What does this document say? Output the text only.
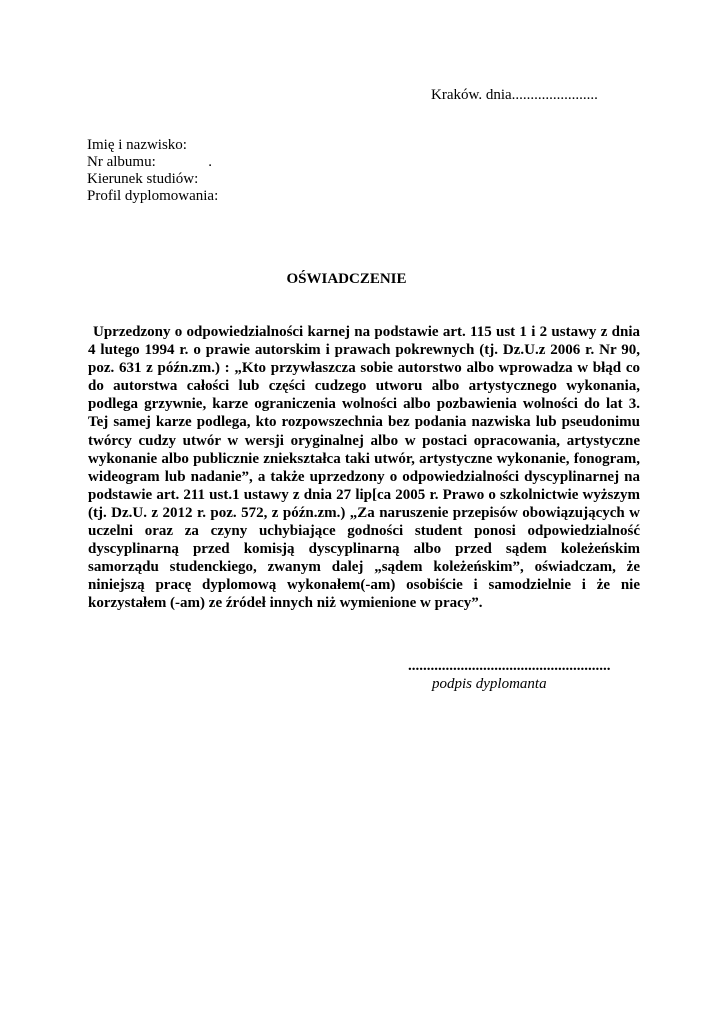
Kraków. dnia.......................
Imię i nazwisko:
Nr albumu:              .
Kierunek studiów:
Profil dyplomowania:
OŚWIADCZENIE

Uprzedzony o odpowiedzialności karnej na podstawie art. 115 ust 1 i 2 ustawy z dnia 4 lutego 1994 r. o prawie autorskim i prawach pokrewnych (tj. Dz.U.z 2006 r. Nr 90, poz. 631 z późn.zm.) : „Kto przywłaszcza sobie autorstwo albo wprowadza w błąd co do autorstwa całości lub części cudzego utworu albo artystycznego wykonania, podlega grzywnie, karze ograniczenia wolności albo pozbawienia wolności do lat 3. Tej samej karze podlega, kto rozpowszechnia bez podania nazwiska lub pseudonimu twórcy cudzy utwór w wersji oryginalnej albo w postaci opracowania, artystyczne wykonanie albo publicznie zniekształca taki utwór, artystyczne wykonanie, fonogram, wideogram lub nadanie”, a także uprzedzony o odpowiedzialności dyscyplinarnej na podstawie art. 211 ust.1 ustawy z dnia 27 lip[ca 2005 r. Prawo o szkolnictwie wyższym (tj. Dz.U. z 2012 r. poz. 572, z późn.zm.) „Za naruszenie przepisów obowiązujących w uczelni oraz za czyny uchybiające godności student ponosi odpowiedzialność dyscyplinarną przed komisją dyscyplinarną albo przed sądem koleżeńskim samorządu studenckiego, zwanym dalej „sądem koleżeńskim”, oświadczam, że niniejszą pracę dyplomową wykonałem(-am) osobiście i samodzielnie i że nie korzystałem (-am) ze źródeł innych niż wymienione w pracy”.

......................................................
podpis dyplomanta
